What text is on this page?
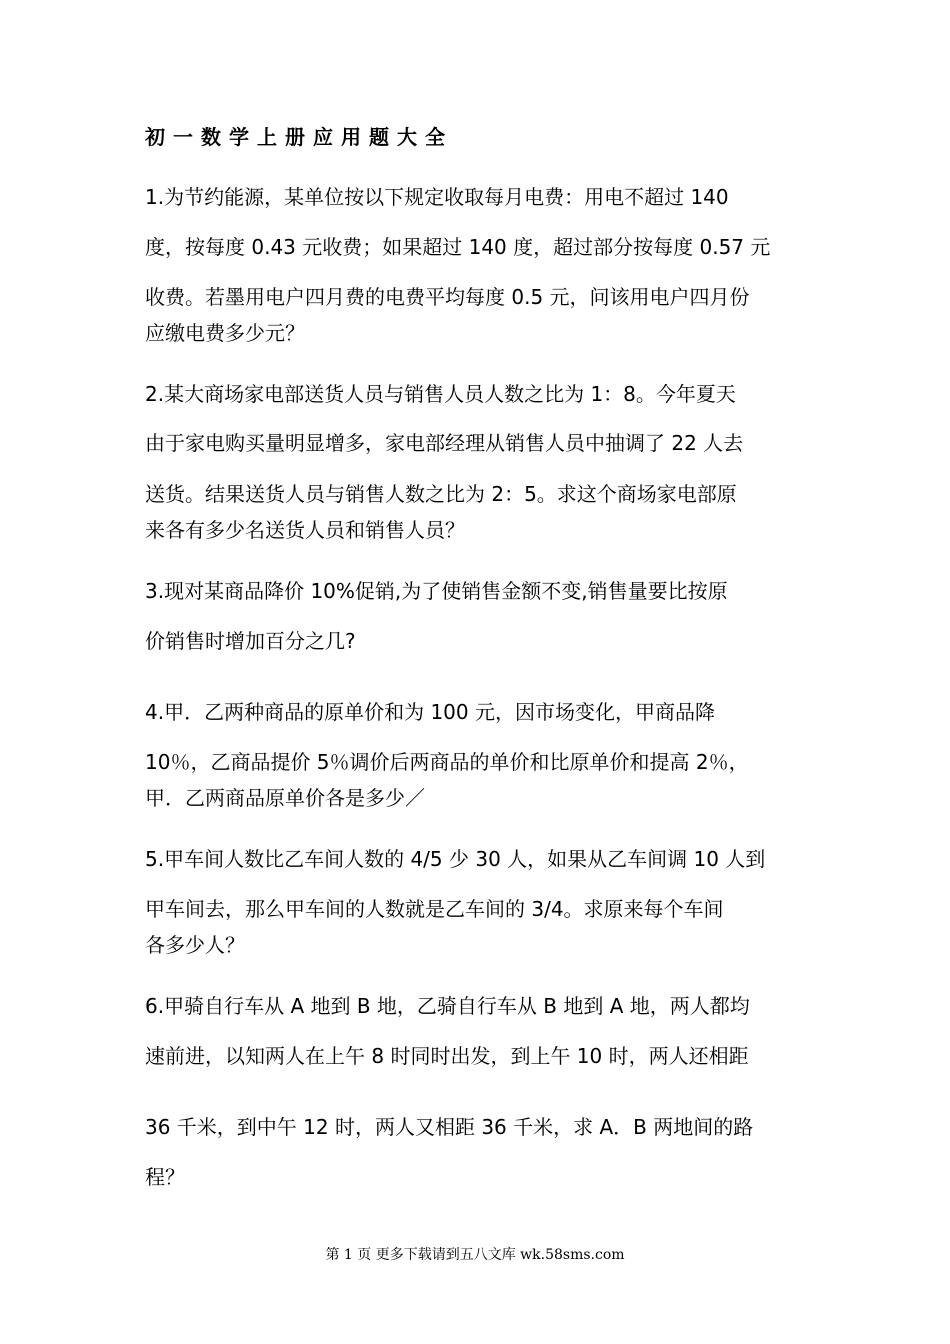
初一数学上册应用题大全
1.为节约能源，某单位按以下规定收取每月电费：用电不超过 140
度，按每度 0.43 元收费；如果超过 140 度，超过部分按每度 0.57 元
收费。若墨用电户四月费的电费平均每度 0.5 元，问该用电户四月份
应缴电费多少元？
2.某大商场家电部送货人员与销售人员人数之比为 1：8。今年夏天
由于家电购买量明显增多，家电部经理从销售人员中抽调了 22 人去
送货。结果送货人员与销售人数之比为 2：5。求这个商场家电部原
来各有多少名送货人员和销售人员？
3.现对某商品降价 10%促销,为了使销售金额不变,销售量要比按原
价销售时增加百分之几?
4.甲．乙两种商品的原单价和为 100 元，因市场变化，甲商品降
10％，乙商品提价 5％调价后两商品的单价和比原单价和提高 2％，
甲．乙两商品原单价各是多少／
5.甲车间人数比乙车间人数的 4/5 少 30 人，如果从乙车间调 10 人到
甲车间去，那么甲车间的人数就是乙车间的 3/4。求原来每个车间
各多少人？
6.甲骑自行车从 A 地到 B 地，乙骑自行车从 B 地到 A 地，两人都均
速前进，以知两人在上午 8 时同时出发，到上午 10 时，两人还相距
36 千米，到中午 12 时，两人又相距 36 千米，求 A．B 两地间的路
程？
第 1 页 更多下载请到五八文库 wk.58sms.com
